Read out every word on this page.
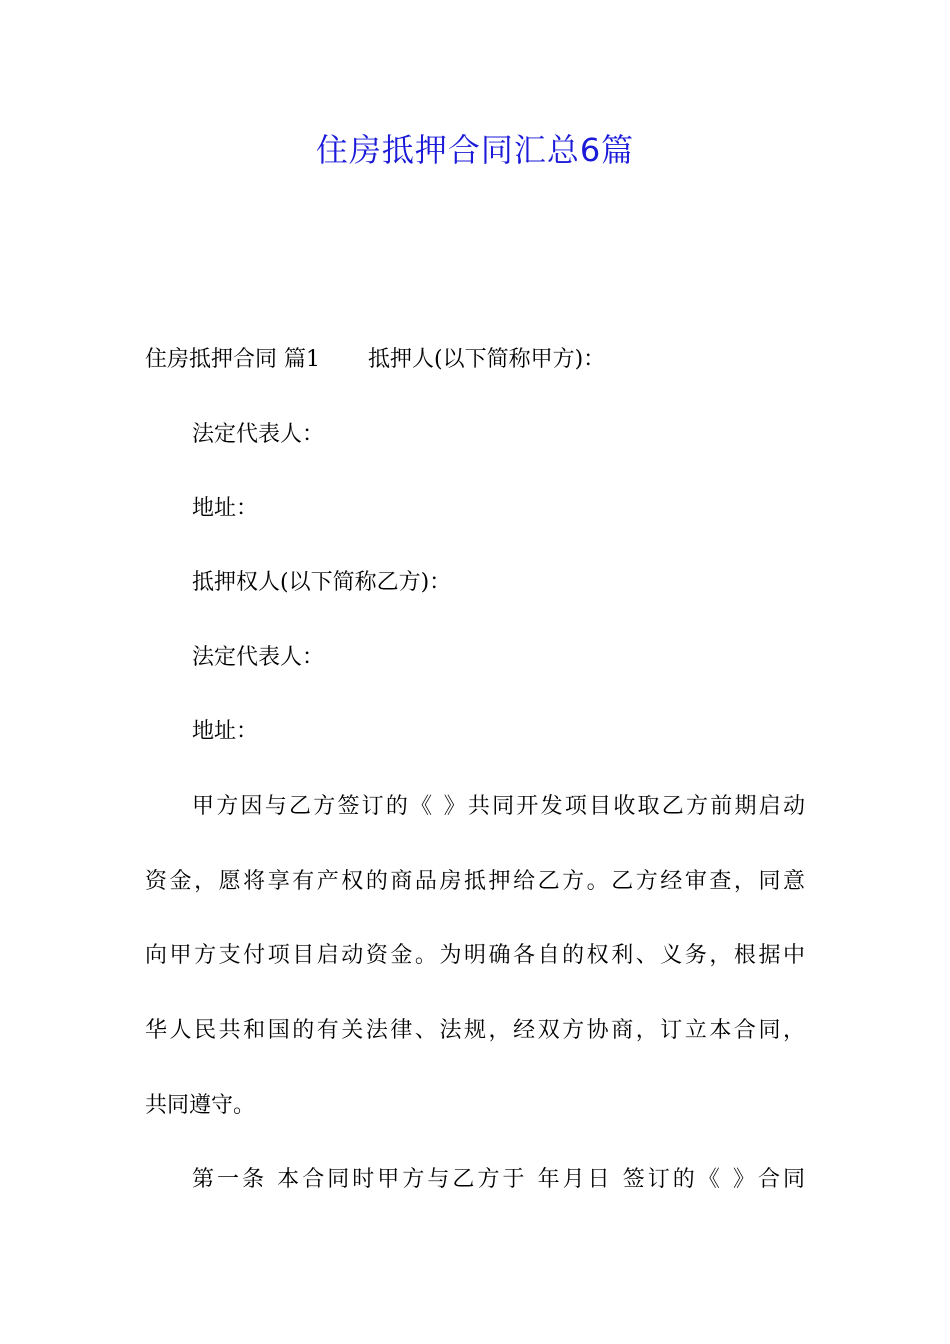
住房抵押合同汇总6篇

住房抵押合同 篇1 抵押人(以下简称甲方)：

法定代表人：

地址：

抵押权人(以下简称乙方)：

法定代表人：

地址：

甲方因与乙方签订的《 》共同开发项目收取乙方前期启动

资金，愿将享有产权的商品房抵押给乙方。乙方经审查，同意

向甲方支付项目启动资金。为明确各自的权利、义务，根据中

华人民共和国的有关法律、法规，经双方协商，订立本合同，

共同遵守。

第一条 本合同时甲方与乙方于 年月日 签订的《 》合同
